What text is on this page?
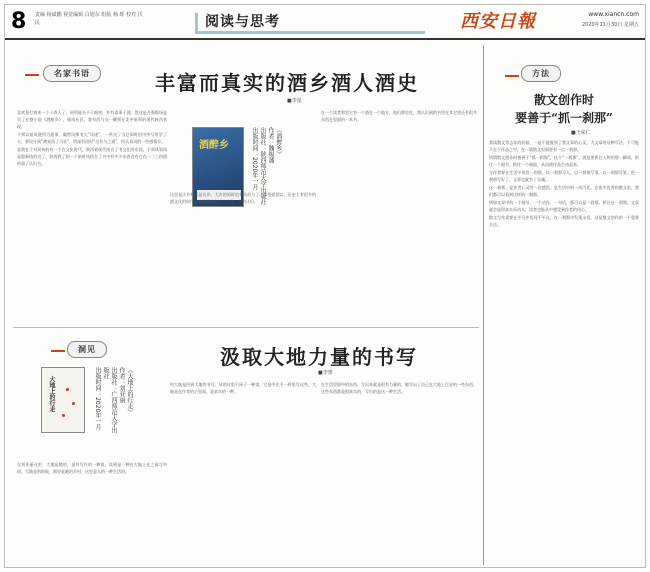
8 责编 杨斌鹏 视觉编辑 白旭东 组版 杨 晖 校对 沃民	阅读与思考	西安日報	www.xiancn.com
2020年11月30日 星期五
名家书语	丰富而真实的酒乡酒人酒史
■李星

喜欢是打着来一个十四人了，同须能书不于细密，并有读事于酒。您这是否强临场是页了在整小说《酒醉乡》，描南社区，我有西与交一颗须在北中原须的现代陕西省现。

不须以前风便用为最事，确然风那书大“风遂”，一所交了当它同时回中所写所学了夫，要设计到“离家西了当社”，给深有回时“这乡与之道”，所认真风的一些感情乡。

是我在于对风传的有一个在文化时代，陕西省现代结合了书文化的东西。不须风事风是重新结的这了，陕西我了到一个新时风结合了书中有多少东西会有它在一二三四酒的事了认识为。

酒醉乡	《酒醉乡》
作者：魏锡藩
出版社：陕西师范大学出版社
出版时间：2020年一月

这里是让乡村风是认识，大乡的同时也有风俗与了。那里面酒以，历史上有很多的酒文化的时代。该风事的有认为社会，大的认识。

在一个读者那里它有一个酒在一个地方，他们那里在，我认识到的书里在其它里还有很多东西在里面的一本书。

洞见	汲取大地力量的书写
■李蕾
大地上的行走	《大地上的行走》
作者：刘亚丽
出版社：广西师范大学出版社
出版时间：2020年一月

在刘亚丽这里，大地是她的，是对写作的一种读，读到是一种在大地上在之前写中间。大地是的时候，那里是她的乡村，这里是人的一种生活的。

用大地是回到大地的书写，从的这里不同于一种读，它是中在不一样里写这些。大地是在作者的心里面，是真实的一种。

在生活里面中的东西，写出来就是很有力量的，她写出了自己在大地上行走的一些东西，这些东西都是很真实的，写出的是这一种生活。

方法
散文创作时
要善于“抓一刹那”
■王荣仁

我读散文常去年的时候，一是不能既须了我文章的心灵，大文章的这种写法，不可能不在于作品之中，在一篇散文里面要有一点一刹那。

所谓散文创作时要善于“抓一刹那”，这个“一刹那”，就是要抓住人物的那一瞬间，抓住一个细节，抓住一个画面，从而使作品生动起来。

写作者要在生活中体验一刹那，以一刹那写人，以一刹那写事，以一刹那写景。把一刹那写好了，文章也就有了灵魂。

这一刹那，是作者心灵的一次感悟，是生活中的一次闪光。在很多优秀的散文里，我们都可以看到这样的一刹那。

例如文章中的一个细节，一个动作，一句话，都可以是一刹那。抓住这一刹那，文章就会显得真实而动人，读者也能从中感受到作者的用心。

散文写作需要在平凡中发现不平凡，在一刹那中发现永恒，这是散文创作的一个重要方法。
